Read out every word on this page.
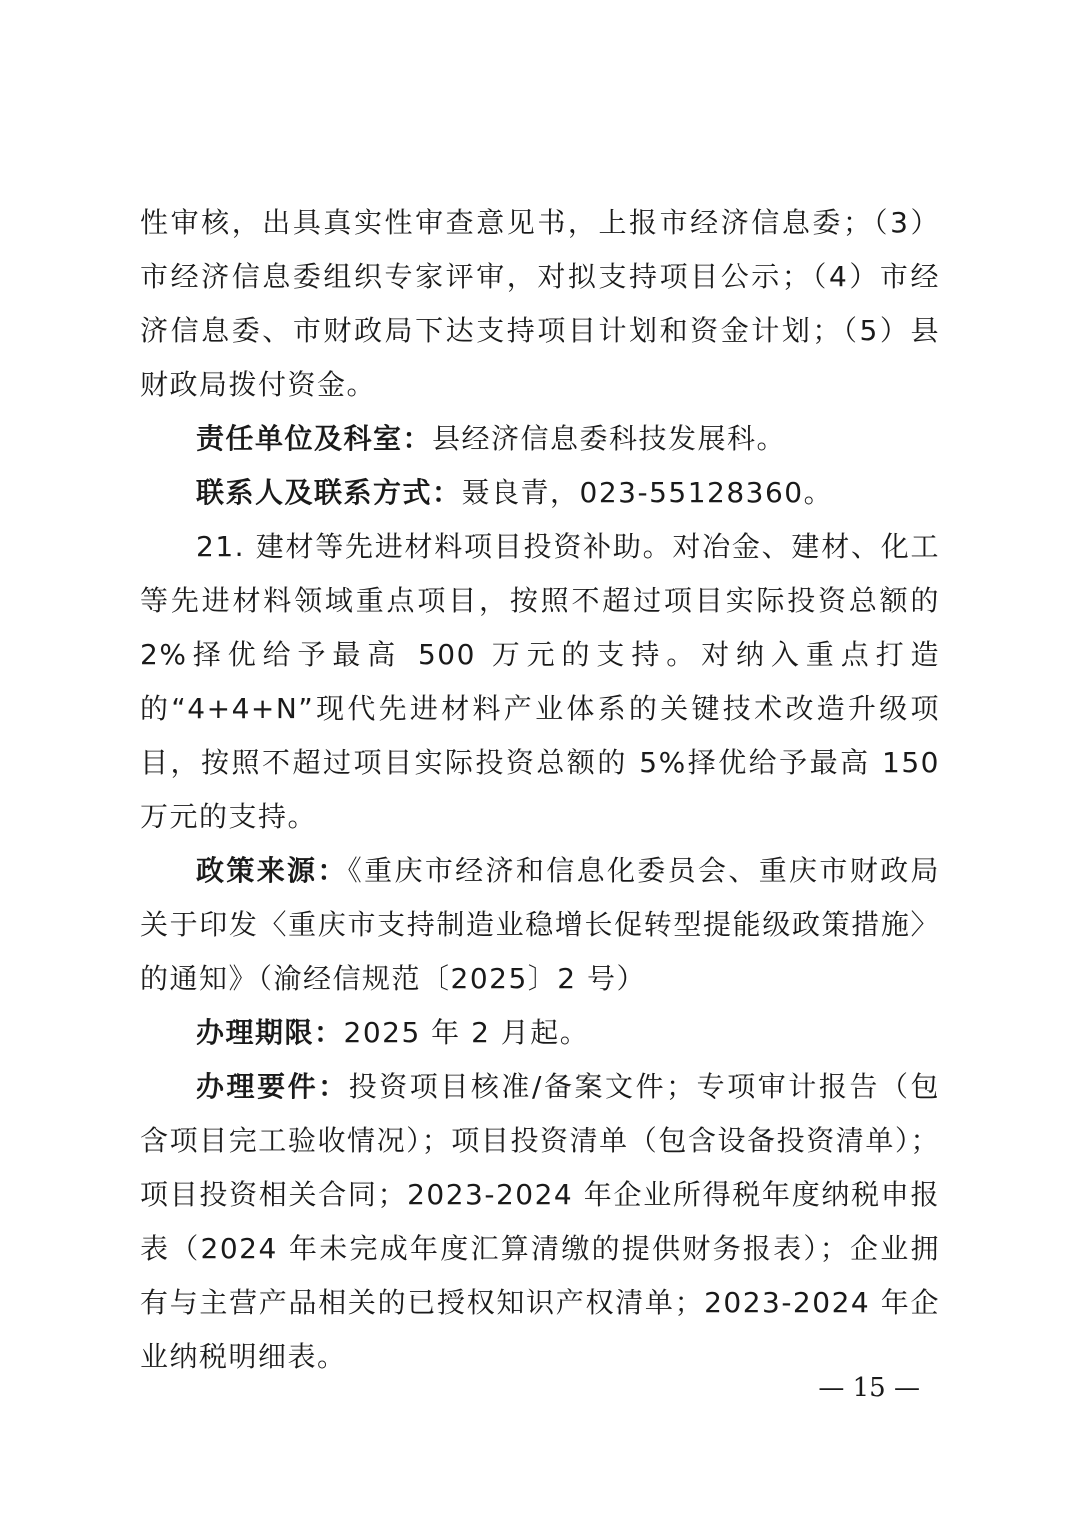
性审核，出具真实性审查意见书，上报市经济信息委；（3）市经济信息委组织专家评审，对拟支持项目公示；（4）市经济信息委、市财政局下达支持项目计划和资金计划；（5）县财政局拨付资金。

责任单位及科室：县经济信息委科技发展科。

联系人及联系方式：聂良青，023-55128360。

21. 建材等先进材料项目投资补助。对冶金、建材、化工等先进材料领域重点项目，按照不超过项目实际投资总额的 2%择优给予最高 500 万元的支持。对纳入重点打造的“4+4+N”现代先进材料产业体系的关键技术改造升级项目，按照不超过项目实际投资总额的 5%择优给予最高 150 万元的支持。

政策来源：《重庆市经济和信息化委员会、重庆市财政局关于印发〈重庆市支持制造业稳增长促转型提能级政策措施〉的通知》（渝经信规范〔2025〕2 号）

办理期限：2025 年 2 月起。

办理要件：投资项目核准/备案文件；专项审计报告（包含项目完工验收情况）；项目投资清单（包含设备投资清单）；项目投资相关合同；2023-2024 年企业所得税年度纳税申报表（2024 年未完成年度汇算清缴的提供财务报表）；企业拥有与主营产品相关的已授权知识产权清单；2023-2024 年企业纳税明细表。

— 15 —
